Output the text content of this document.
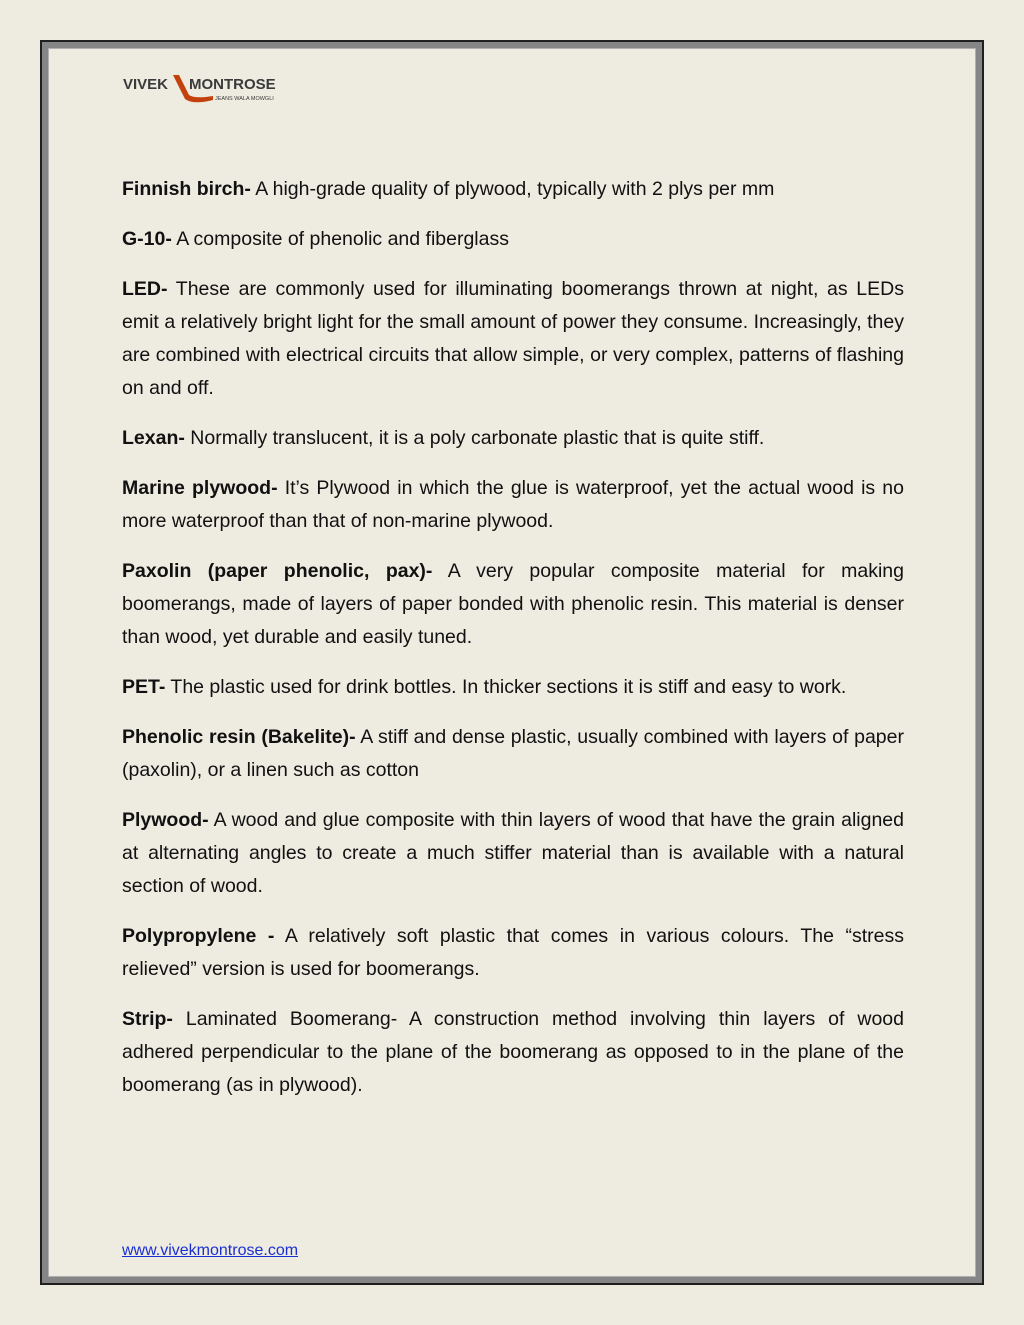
VIVEK MONTROSE
JEANS WALA MOWGLI

Finnish birch- A high-grade quality of plywood, typically with 2 plys per mm

G-10- A composite of phenolic and fiberglass

LED- These are commonly used for illuminating boomerangs thrown at night, as LEDs emit a relatively bright light for the small amount of power they consume. Increasingly, they are combined with electrical circuits that allow simple, or very complex, patterns of flashing on and off.

Lexan- Normally translucent, it is a poly carbonate plastic that is quite stiff.

Marine plywood- It’s Plywood in which the glue is waterproof, yet the actual wood is no more waterproof than that of non-marine plywood.

Paxolin (paper phenolic, pax)- A very popular composite material for making boomerangs, made of layers of paper bonded with phenolic resin. This material is denser than wood, yet durable and easily tuned.

PET- The plastic used for drink bottles. In thicker sections it is stiff and easy to work.

Phenolic resin (Bakelite)- A stiff and dense plastic, usually combined with layers of paper (paxolin), or a linen such as cotton

Plywood- A wood and glue composite with thin layers of wood that have the grain aligned at alternating angles to create a much stiffer material than is available with a natural section of wood.

Polypropylene - A relatively soft plastic that comes in various colours. The “stress relieved” version is used for boomerangs.

Strip- Laminated Boomerang- A construction method involving thin layers of wood adhered perpendicular to the plane of the boomerang as opposed to in the plane of the boomerang (as in plywood).

www.vivekmontrose.com
